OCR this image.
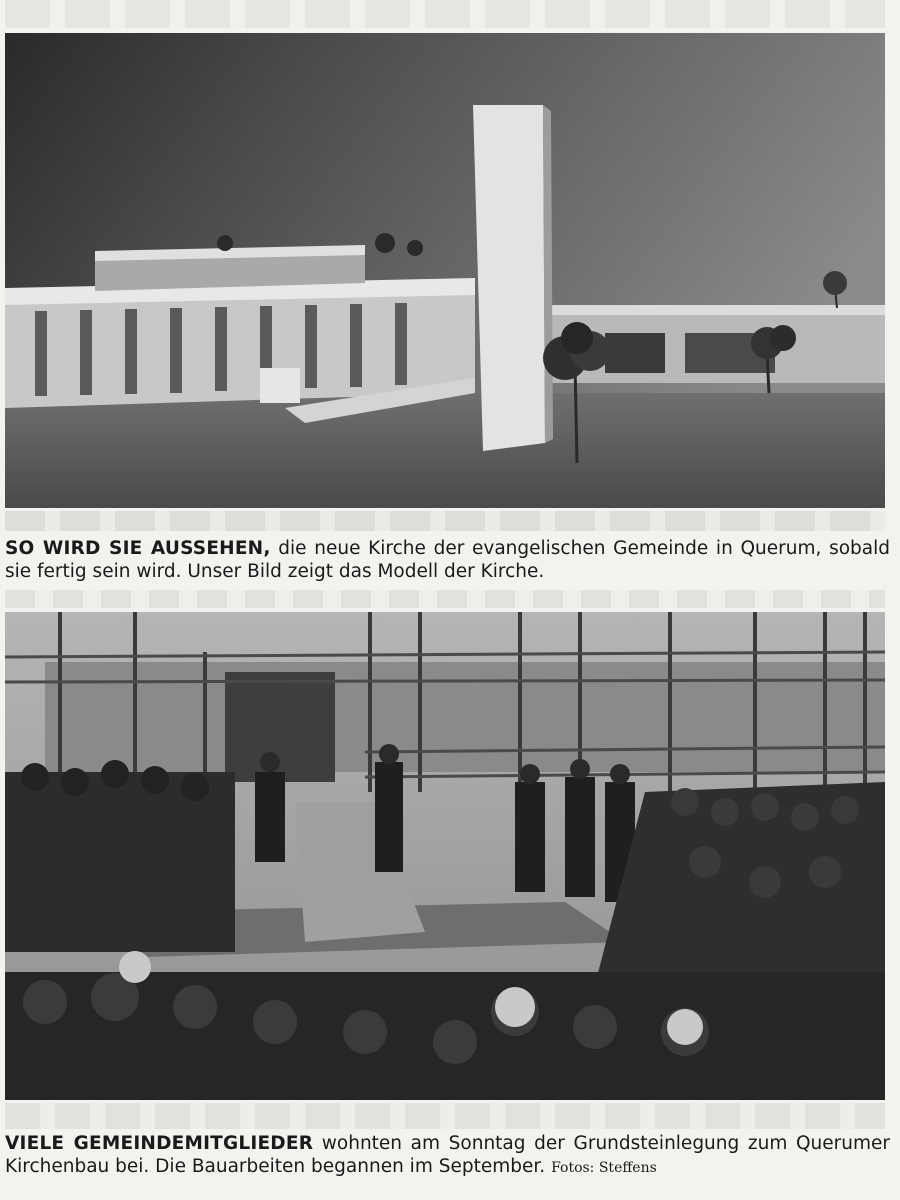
SO WIRD SIE AUSSEHEN, die neue Kirche der evangelischen Gemeinde in Querum, sobald sie fertig sein wird. Unser Bild zeigt das Modell der Kirche.
VIELE GEMEINDEMITGLIEDER wohnten am Sonntag der Grundsteinlegung zum Querumer Kirchenbau bei. Die Bauarbeiten begannen im September. Fotos: Steffens
